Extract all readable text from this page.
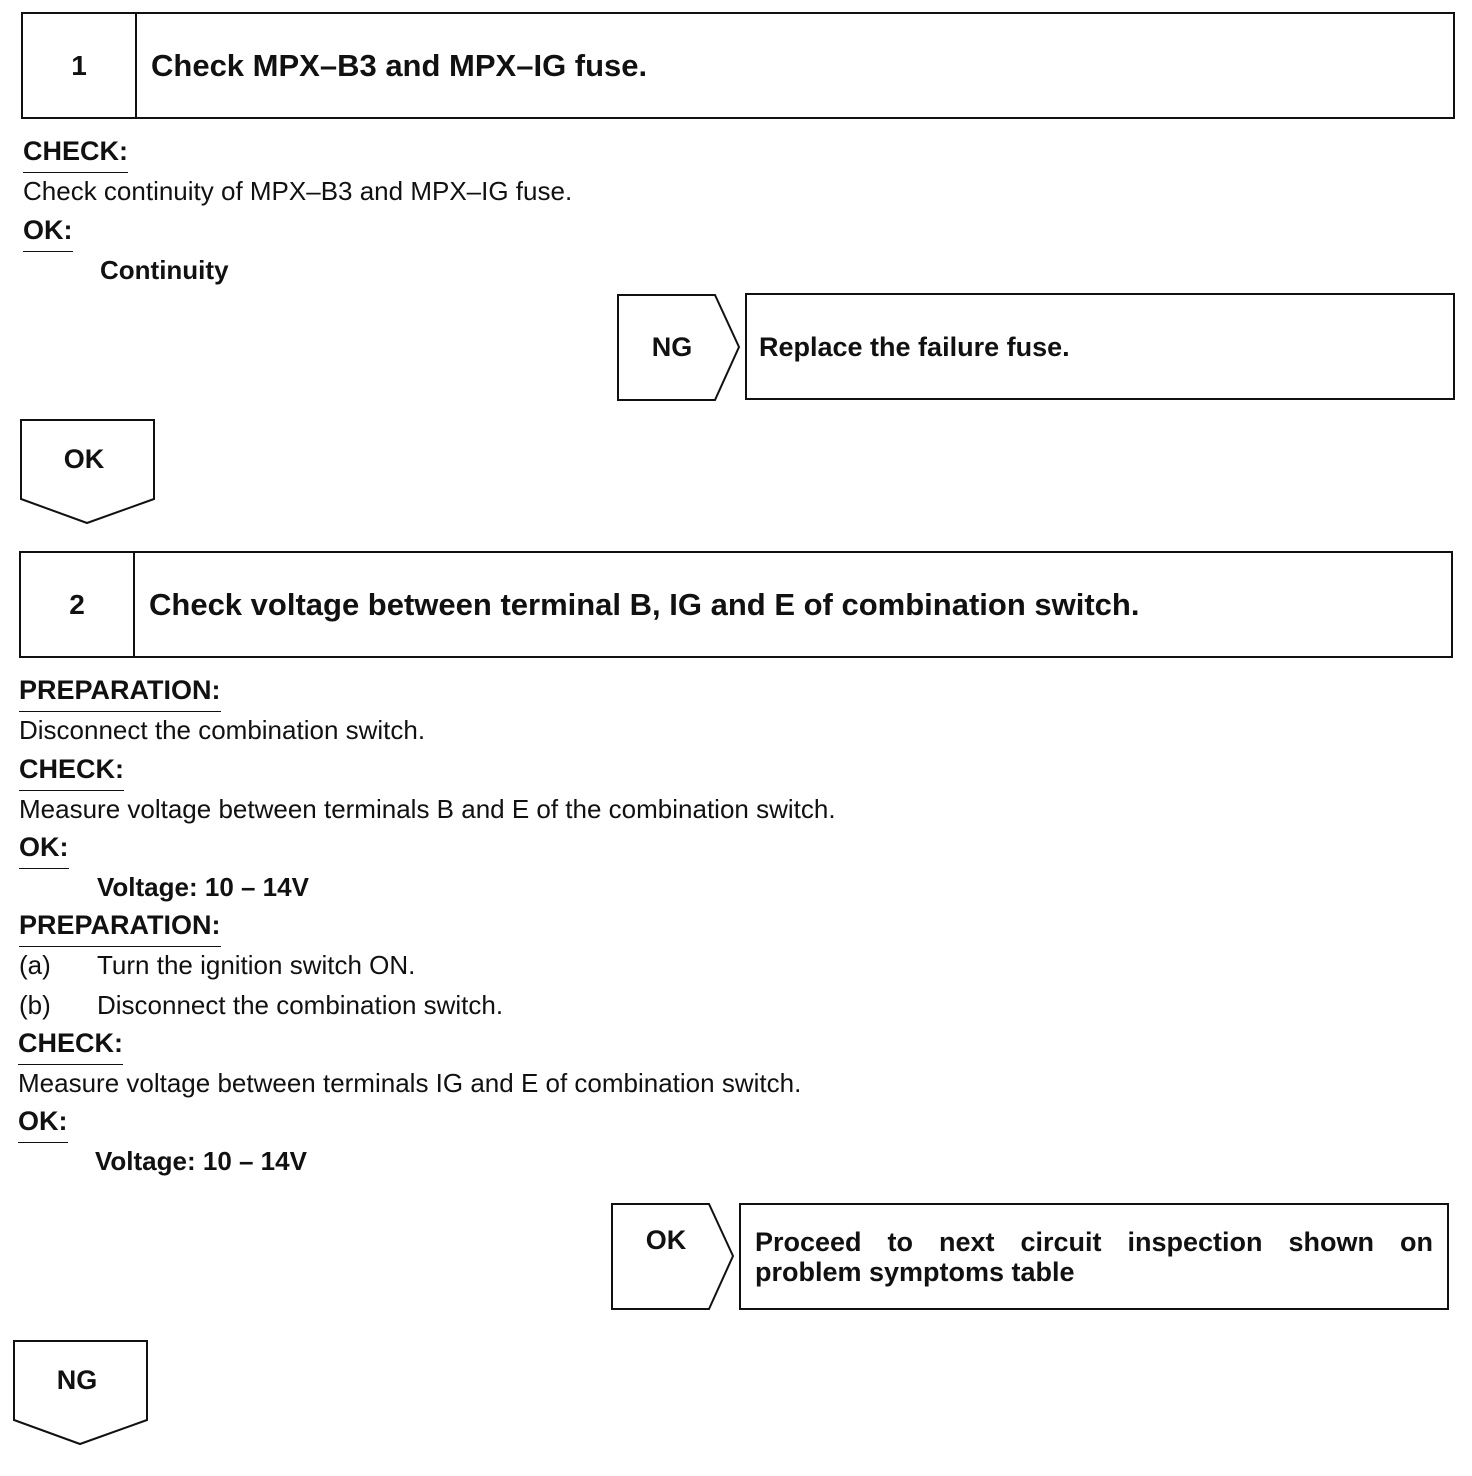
1	Check MPX–B3 and MPX–IG fuse.
CHECK:
Check continuity of MPX–B3 and MPX–IG fuse.
OK:
Continuity
NG	Replace the failure fuse.
OK
2	Check voltage between terminal B, IG and E of combination switch.
PREPARATION:
Disconnect the combination switch.
CHECK:
Measure voltage between terminals B and E of the combination switch.
OK:
Voltage: 10 – 14V
PREPARATION:
(a) Turn the ignition switch ON.
(b) Disconnect the combination switch.
CHECK:
Measure voltage between terminals IG and E of combination switch.
OK:
Voltage: 10 – 14V
OK	Proceed to next circuit inspection shown on problem symptoms table
NG
